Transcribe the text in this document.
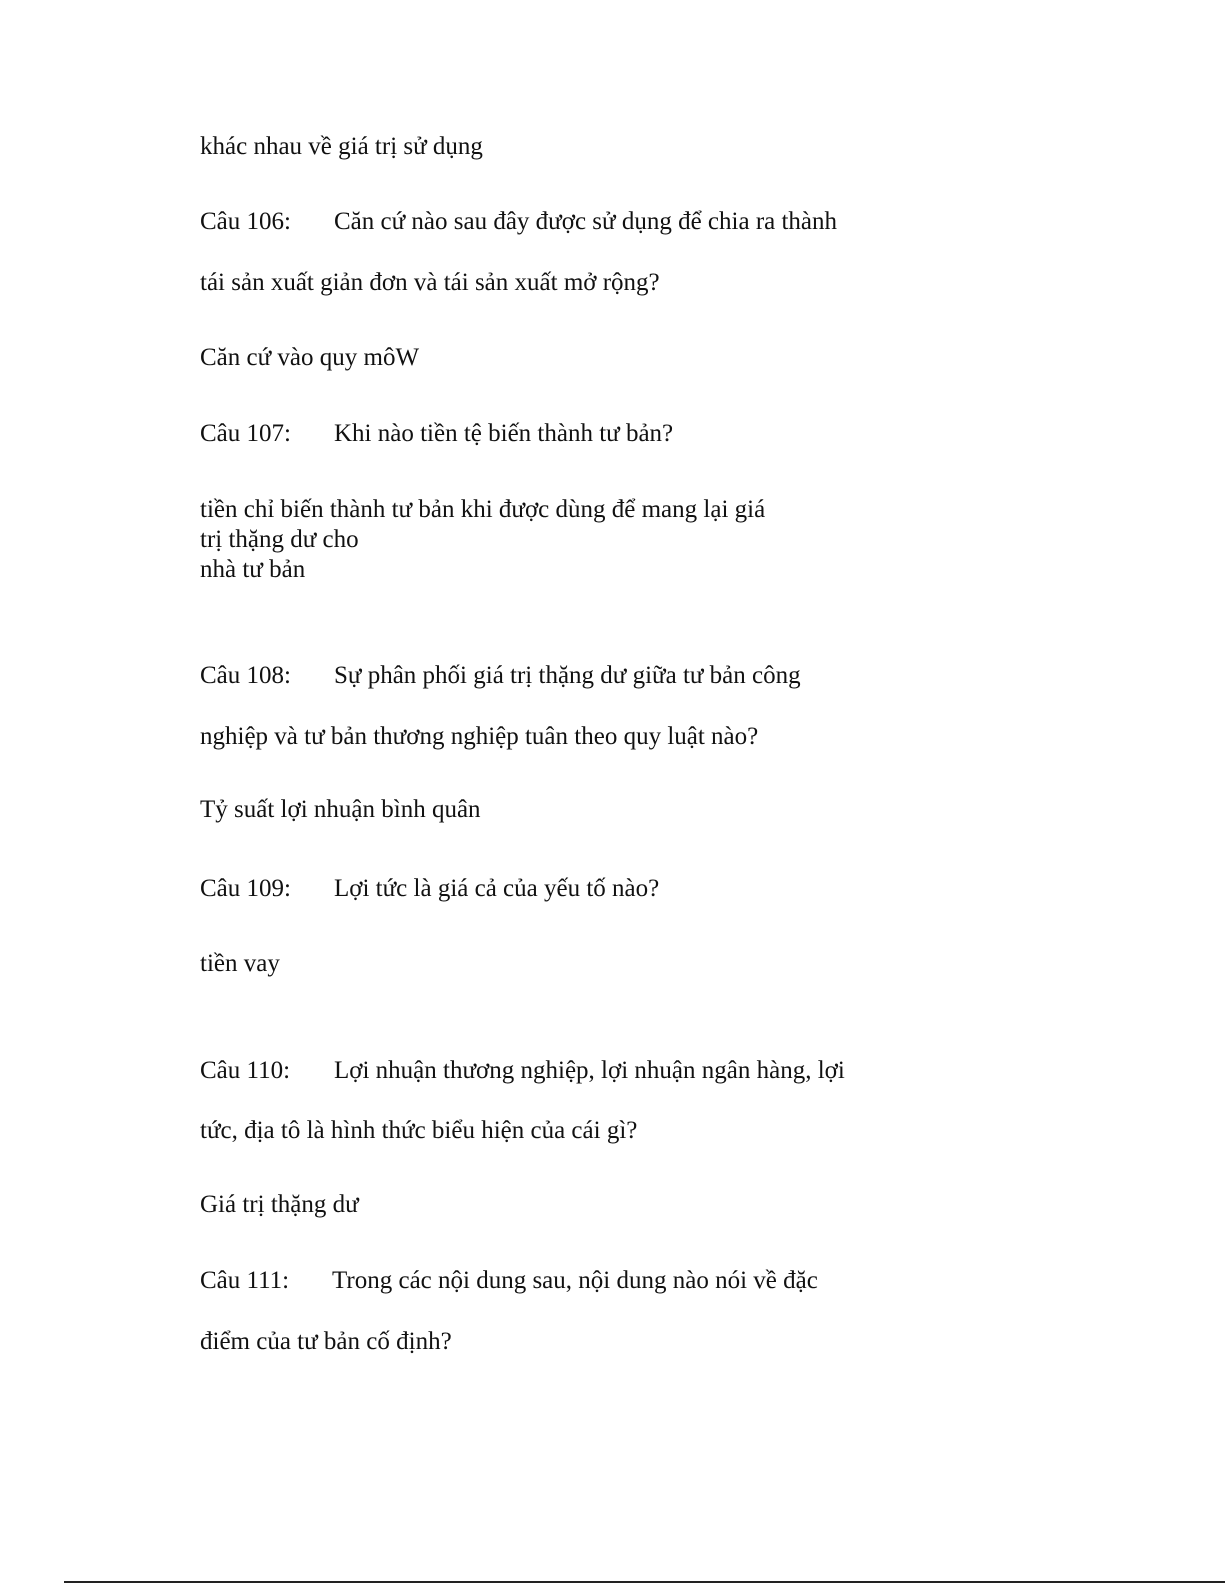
khác nhau về giá trị sử dụng
Câu 106: Căn cứ nào sau đây được sử dụng để chia ra thành
tái sản xuất giản đơn và tái sản xuất mở rộng?
Căn cứ vào quy môW
Câu 107: Khi nào tiền tệ biến thành tư bản?
tiền chỉ biến thành tư bản khi được dùng để mang lại giá
trị thặng dư cho
nhà tư bản
Câu 108: Sự phân phối giá trị thặng dư giữa tư bản công
nghiệp và tư bản thương nghiệp tuân theo quy luật nào?
Tỷ suất lợi nhuận bình quân
Câu 109: Lợi tức là giá cả của yếu tố nào?
tiền vay
Câu 110: Lợi nhuận thương nghiệp, lợi nhuận ngân hàng, lợi
tức, địa tô là hình thức biểu hiện của cái gì?
Giá trị thặng dư
Câu 111: Trong các nội dung sau, nội dung nào nói về đặc
điểm của tư bản cố định?
